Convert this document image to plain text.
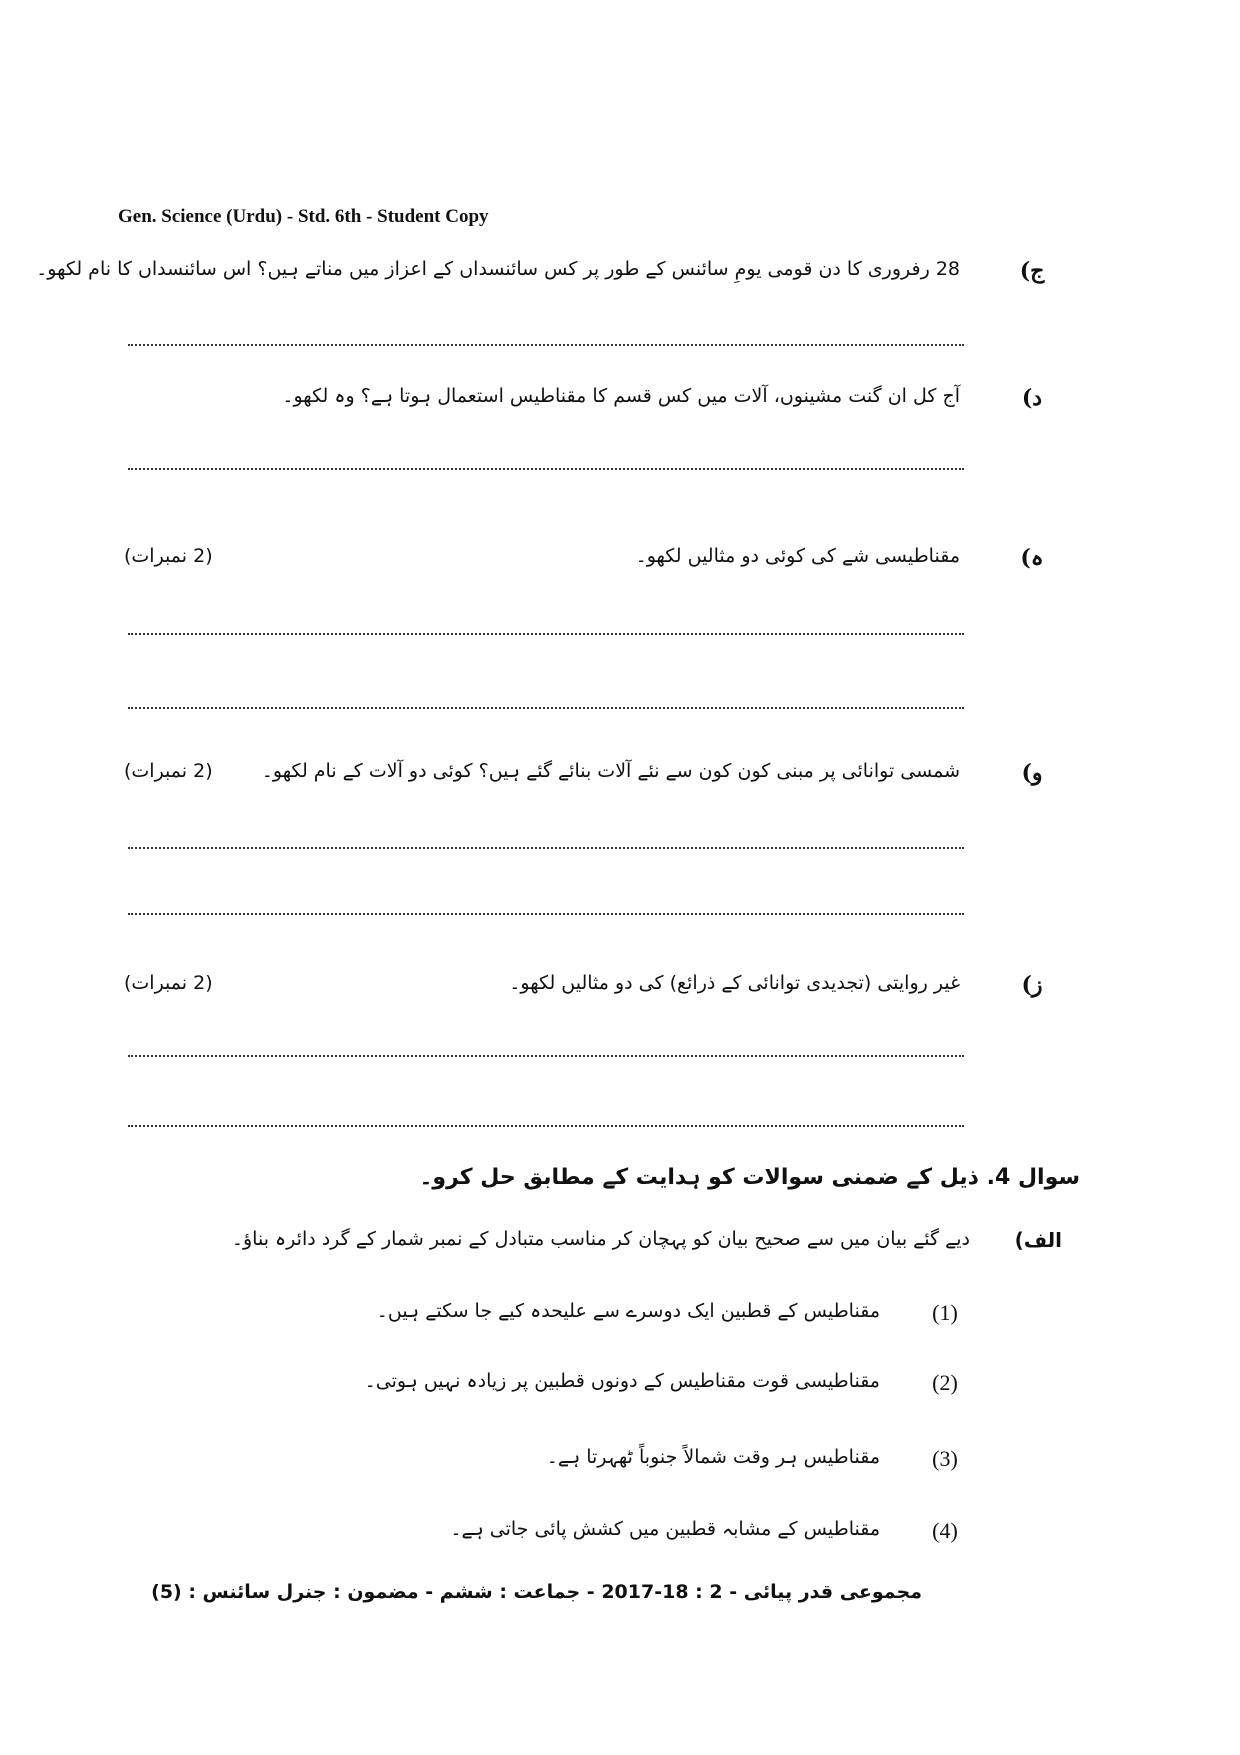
Gen. Science (Urdu) - Std. 6th - Student Copy
ج)
28 رفروری کا دن قومی یومِ سائنس کے طور پر کس سائنسداں کے اعزاز میں مناتے ہیں؟ اس سائنسداں کا نام لکھو۔
د)
آج کل ان گنت مشینوں، آلات میں کس قسم کا مقناطیس استعمال ہوتا ہے؟ وہ لکھو۔
ہ)
مقناطیسی شے کی کوئی دو مثالیں لکھو۔
(2 نمبرات)
و)
شمسی توانائی پر مبنی کون کون سے نئے آلات بنائے گئے ہیں؟ کوئی دو آلات کے نام لکھو۔
(2 نمبرات)
ز)
غیر روایتی (تجدیدی توانائی کے ذرائع) کی دو مثالیں لکھو۔
(2 نمبرات)
سوال 4. ذیل کے ضمنی سوالات کو ہدایت کے مطابق حل کرو۔
الف)
دیے گئے بیان میں سے صحیح بیان کو پہچان کر مناسب متبادل کے نمبر شمار کے گرد دائرہ بناؤ۔
(1)
مقناطیس کے قطبین ایک دوسرے سے علیحدہ کیے جا سکتے ہیں۔
(2)
مقناطیسی قوت مقناطیس کے دونوں قطبین پر زیادہ نہیں ہوتی۔
(3)
مقناطیس ہر وقت شمالاً جنوباً ٹھہرتا ہے۔
(4)
مقناطیس کے مشابہ قطبین میں کشش پائی جاتی ہے۔
مجموعی قدر پیائی - 2 : 18-2017 - جماعت : ششم - مضمون : جنرل سائنس : (5)
